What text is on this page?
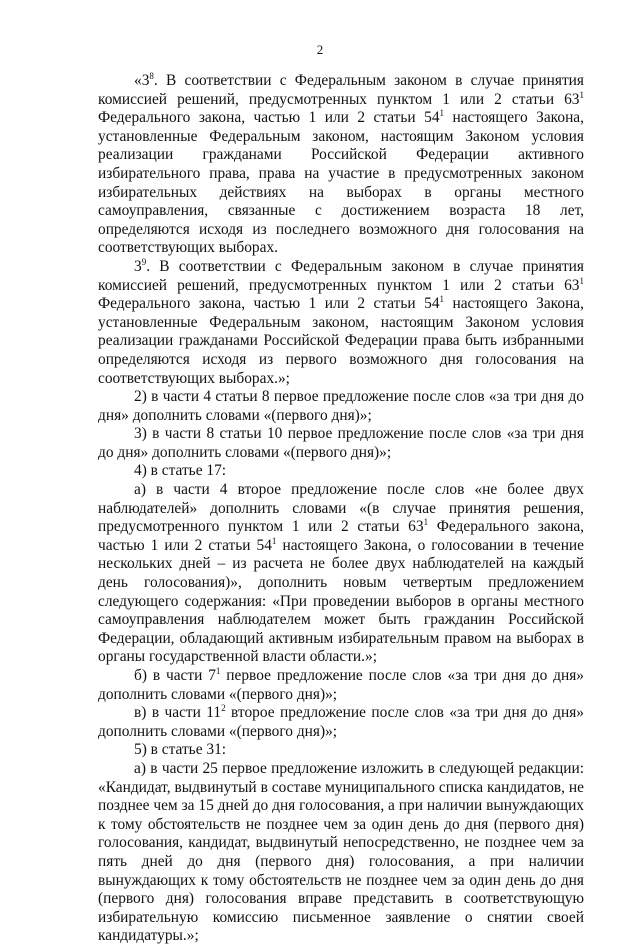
2

«$3^8$. В соответствии с Федеральным законом в случае принятия комиссией решений, предусмотренных пунктом 1 или 2 статьи $63^1$ Федерального закона, частью 1 или 2 статьи $54^1$ настоящего Закона, установленные Федеральным законом, настоящим Законом условия реализации гражданами Российской Федерации активного избирательного права, права на участие в предусмотренных законом избирательных действиях на выборах в органы местного самоуправления, связанные с достижением возраста 18 лет, определяются исходя из последнего возможного дня голосования на соответствующих выборах.

$3^9$. В соответствии с Федеральным законом в случае принятия комиссией решений, предусмотренных пунктом 1 или 2 статьи $63^1$ Федерального закона, частью 1 или 2 статьи $54^1$ настоящего Закона, установленные Федеральным законом, настоящим Законом условия реализации гражданами Российской Федерации права быть избранными определяются исходя из первого возможного дня голосования на соответствующих выборах.»;

2) в части 4 статьи 8 первое предложение после слов «за три дня до дня» дополнить словами «(первого дня)»;

3) в части 8 статьи 10 первое предложение после слов «за три дня до дня» дополнить словами «(первого дня)»;

4) в статье 17:

а) в части 4 второе предложение после слов «не более двух наблюдателей» дополнить словами «(в случае принятия решения, предусмотренного пунктом 1 или 2 статьи $63^1$ Федерального закона, частью 1 или 2 статьи $54^1$ настоящего Закона, о голосовании в течение нескольких дней – из расчета не более двух наблюдателей на каждый день голосования)», дополнить новым четвертым предложением следующего содержания: «При проведении выборов в органы местного самоуправления наблюдателем может быть гражданин Российской Федерации, обладающий активным избирательным правом на выборах в органы государственной власти области.»;

б) в части $7^1$ первое предложение после слов «за три дня до дня» дополнить словами «(первого дня)»;

в) в части $11^2$ второе предложение после слов «за три дня до дня» дополнить словами «(первого дня)»;

5) в статье 31:

а) в части 25 первое предложение изложить в следующей редакции: «Кандидат, выдвинутый в составе муниципального списка кандидатов, не позднее чем за 15 дней до дня голосования, а при наличии вынуждающих к тому обстоятельств не позднее чем за один день до дня (первого дня) голосования, кандидат, выдвинутый непосредственно, не позднее чем за пять дней до дня (первого дня) голосования, а при наличии вынуждающих к тому обстоятельств не позднее чем за один день до дня (первого дня) голосования вправе представить в соответствующую избирательную комиссию письменное заявление о снятии своей кандидатуры.»;
